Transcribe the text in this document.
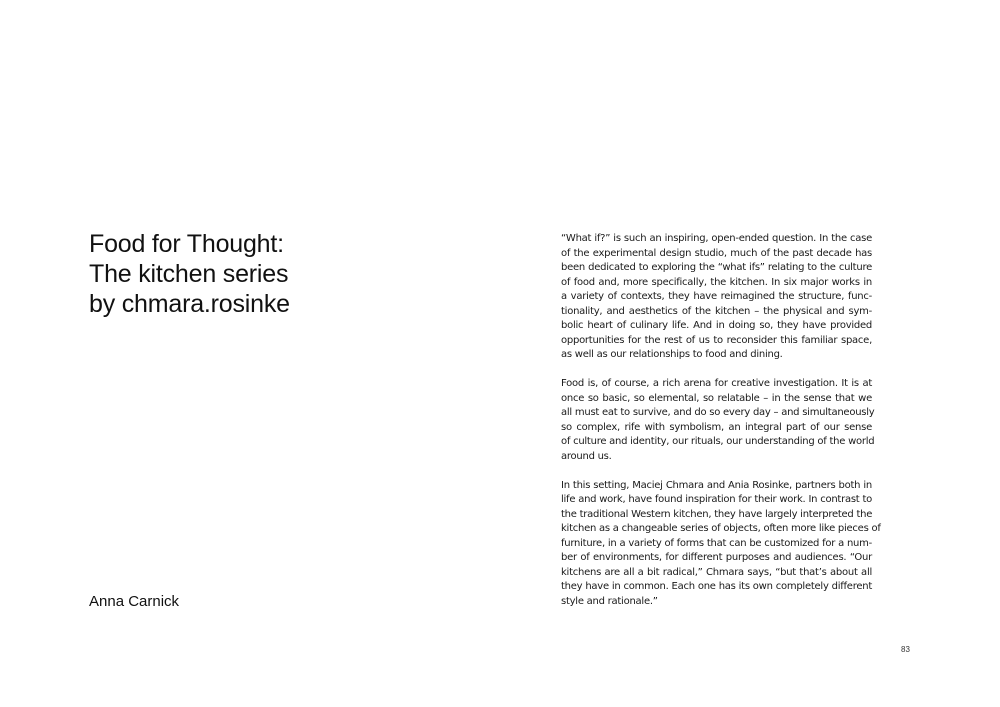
Food for Thought:
The kitchen series
by chmara.rosinke
Anna Carnick
“What if?” is such an inspiring, open-ended question. In the case
of the experimental design studio, much of the past decade has
been dedicated to exploring the “what ifs” relating to the culture
of food and, more specifically, the kitchen. In six major works in
a variety of contexts, they have reimagined the structure, func-
tionality, and aesthetics of the kitchen – the physical and sym-
bolic heart of culinary life. And in doing so, they have provided
opportunities for the rest of us to reconsider this familiar space,
as well as our relationships to food and dining.
Food is, of course, a rich arena for creative investigation. It is at
once so basic, so elemental, so relatable – in the sense that we
all must eat to survive, and do so every day – and simultaneously
so complex, rife with symbolism, an integral part of our sense
of culture and identity, our rituals, our understanding of the world
around us.
In this setting, Maciej Chmara and Ania Rosinke, partners both in
life and work, have found inspiration for their work. In contrast to
the traditional Western kitchen, they have largely interpreted the
kitchen as a changeable series of objects, often more like pieces of
furniture, in a variety of forms that can be customized for a num-
ber of environments, for different purposes and audiences. “Our
kitchens are all a bit radical,” Chmara says, “but that’s about all
they have in common. Each one has its own completely different
style and rationale.”
83
